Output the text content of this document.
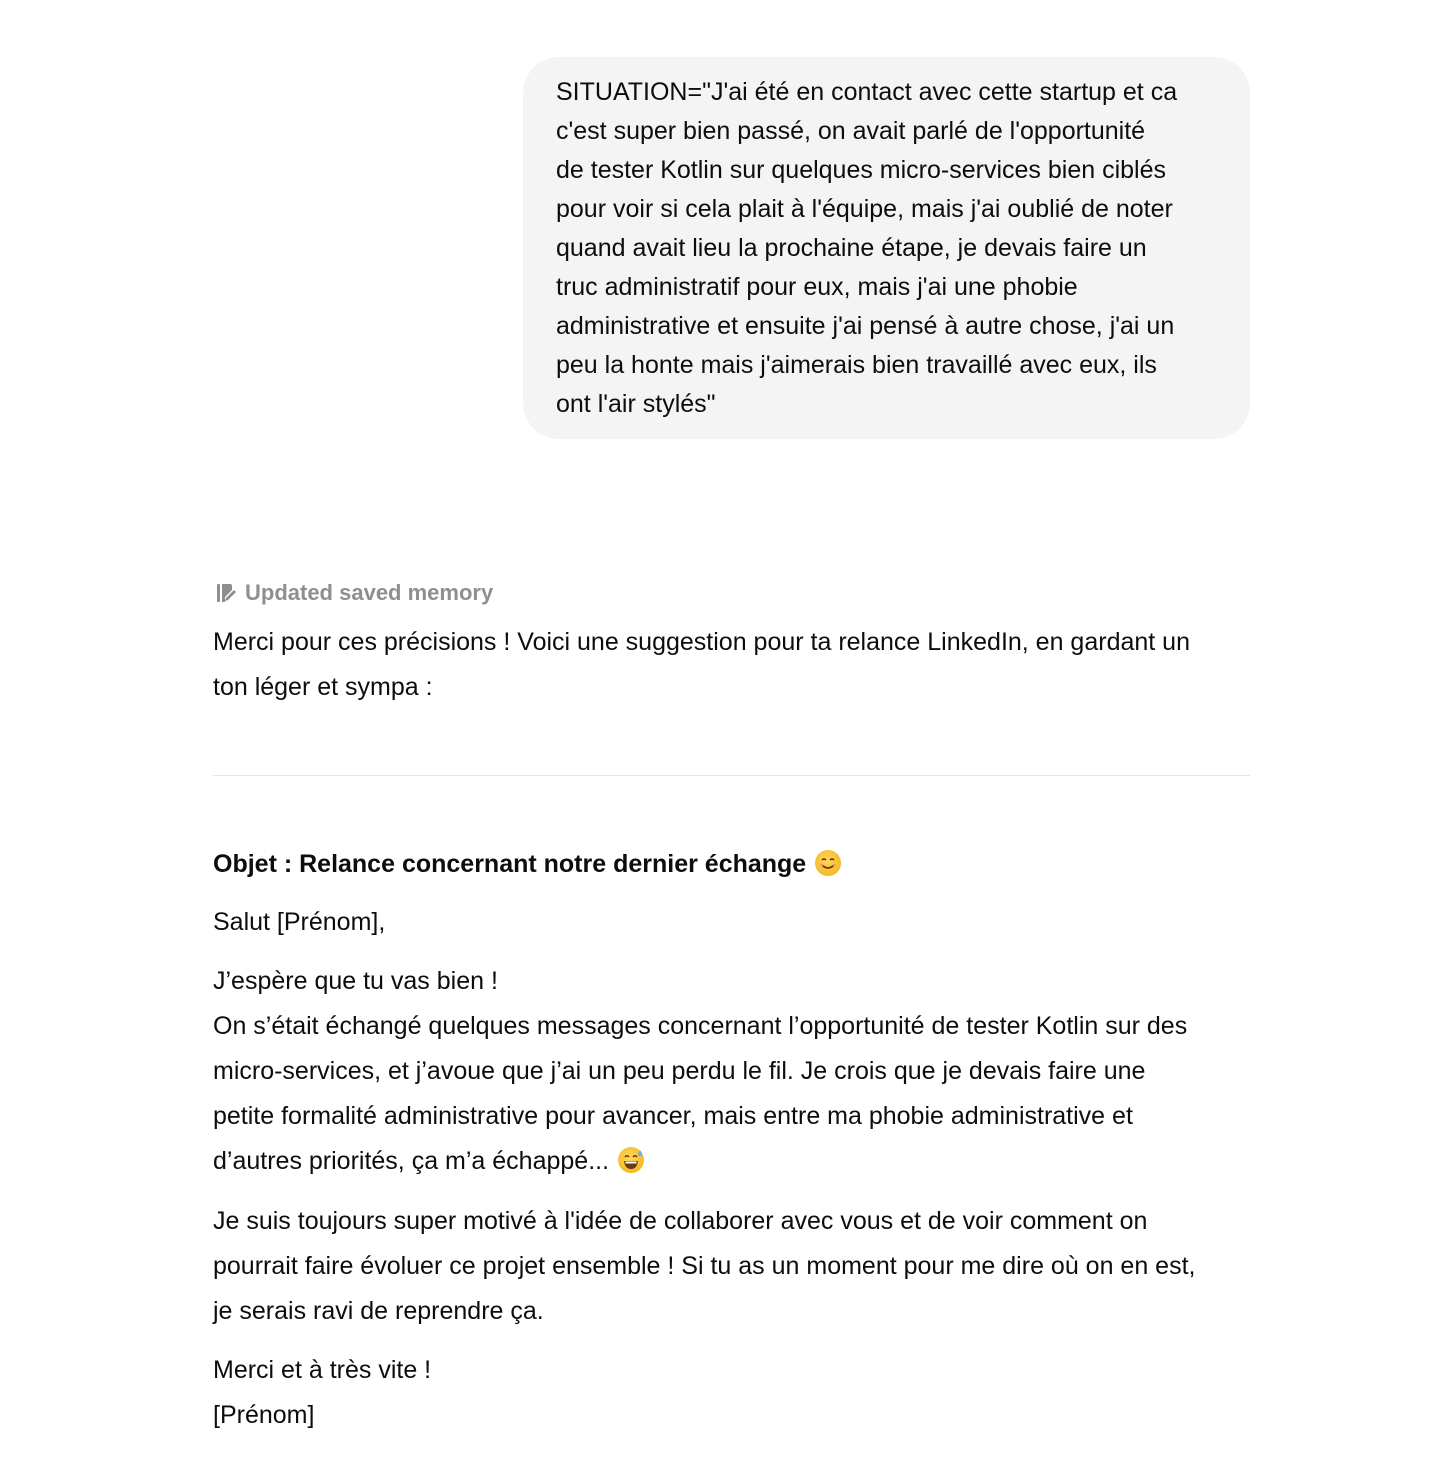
SITUATION="J'ai été en contact avec cette startup et ca
c'est super bien passé, on avait parlé de l'opportunité
de tester Kotlin sur quelques micro-services bien ciblés
pour voir si cela plait à l'équipe, mais j'ai oublié de noter
quand avait lieu la prochaine étape, je devais faire un
truc administratif pour eux, mais j'ai une phobie
administrative et ensuite j'ai pensé à autre chose, j'ai un
peu la honte mais j'aimerais bien travaillé avec eux, ils
ont l'air stylés"
Updated saved memory
Merci pour ces précisions ! Voici une suggestion pour ta relance LinkedIn, en gardant un
ton léger et sympa :
Objet : Relance concernant notre dernier échange
Salut [Prénom],
J’espère que tu vas bien !
On s’était échangé quelques messages concernant l’opportunité de tester Kotlin sur des
micro-services, et j’avoue que j’ai un peu perdu le fil. Je crois que je devais faire une
petite formalité administrative pour avancer, mais entre ma phobie administrative et
d’autres priorités, ça m’a échappé...
Je suis toujours super motivé à l'idée de collaborer avec vous et de voir comment on
pourrait faire évoluer ce projet ensemble ! Si tu as un moment pour me dire où on en est,
je serais ravi de reprendre ça.
Merci et à très vite !
[Prénom]
